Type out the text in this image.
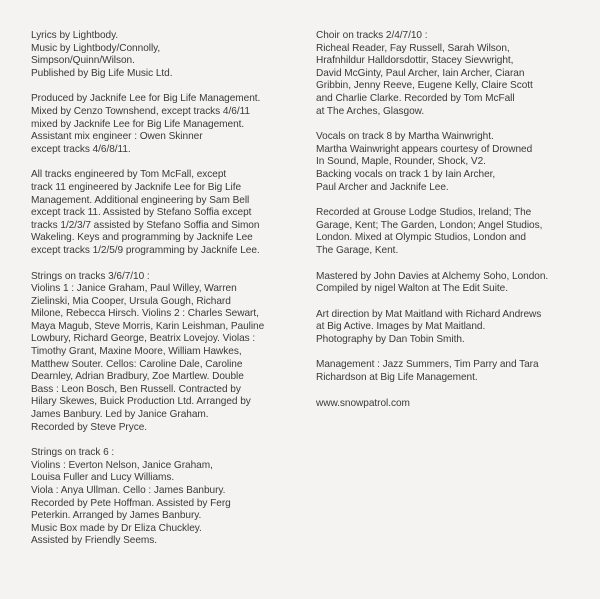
Lyrics by Lightbody.
Music by Lightbody/Connolly,
Simpson/Quinn/Wilson.
Published by Big Life Music Ltd.
Produced by Jacknife Lee for Big Life Management.
Mixed by Cenzo Townshend, except tracks 4/6/11
mixed by Jacknife Lee for Big Life Management.
Assistant mix engineer : Owen Skinner
except tracks 4/6/8/11.
All tracks engineered by Tom McFall, except
track 11 engineered by Jacknife Lee for Big Life
Management. Additional engineering by Sam Bell
except track 11. Assisted by Stefano Soffia except
tracks 1/2/3/7 assisted by Stefano Soffia and Simon
Wakeling. Keys and programming by Jacknife Lee
except tracks 1/2/5/9 programming by Jacknife Lee.
Strings on tracks 3/6/7/10 :
Violins 1 : Janice Graham, Paul Willey, Warren
Zielinski, Mia Cooper, Ursula Gough, Richard
Milone, Rebecca Hirsch. Violins 2 : Charles Sewart,
Maya Magub, Steve Morris, Karin Leishman, Pauline
Lowbury, Richard George, Beatrix Lovejoy. Violas :
Timothy Grant, Maxine Moore, William Hawkes,
Matthew Souter. Cellos: Caroline Dale, Caroline
Dearnley, Adrian Bradbury, Zoe Martlew. Double
Bass : Leon Bosch, Ben Russell. Contracted by
Hilary Skewes, Buick Production Ltd. Arranged by
James Banbury. Led by Janice Graham.
Recorded by Steve Pryce.
Strings on track 6 :
Violins : Everton Nelson, Janice Graham,
Louisa Fuller and Lucy Williams.
Viola : Anya Ullman. Cello : James Banbury.
Recorded by Pete Hoffman. Assisted by Ferg
Peterkin. Arranged by James Banbury.
Music Box made by Dr Eliza Chuckley.
Assisted by Friendly Seems.
Choir on tracks 2/4/7/10 :
Richeal Reader, Fay Russell, Sarah Wilson,
Hrafnhildur Halldorsdottir, Stacey Sievwright,
David McGinty, Paul Archer, Iain Archer, Ciaran
Gribbin, Jenny Reeve, Eugene Kelly, Claire Scott
and Charlie Clarke. Recorded by Tom McFall
at The Arches, Glasgow.
Vocals on track 8 by Martha Wainwright.
Martha Wainwright appears courtesy of Drowned
In Sound, Maple, Rounder, Shock, V2.
Backing vocals on track 1 by Iain Archer,
Paul Archer and Jacknife Lee.
Recorded at Grouse Lodge Studios, Ireland; The
Garage, Kent; The Garden, London; Angel Studios,
London. Mixed at Olympic Studios, London and
The Garage, Kent.
Mastered by John Davies at Alchemy Soho, London.
Compiled by nigel Walton at The Edit Suite.
Art direction by Mat Maitland with Richard Andrews
at Big Active. Images by Mat Maitland.
Photography by Dan Tobin Smith.
Management : Jazz Summers, Tim Parry and Tara
Richardson at Big Life Management.
www.snowpatrol.com
